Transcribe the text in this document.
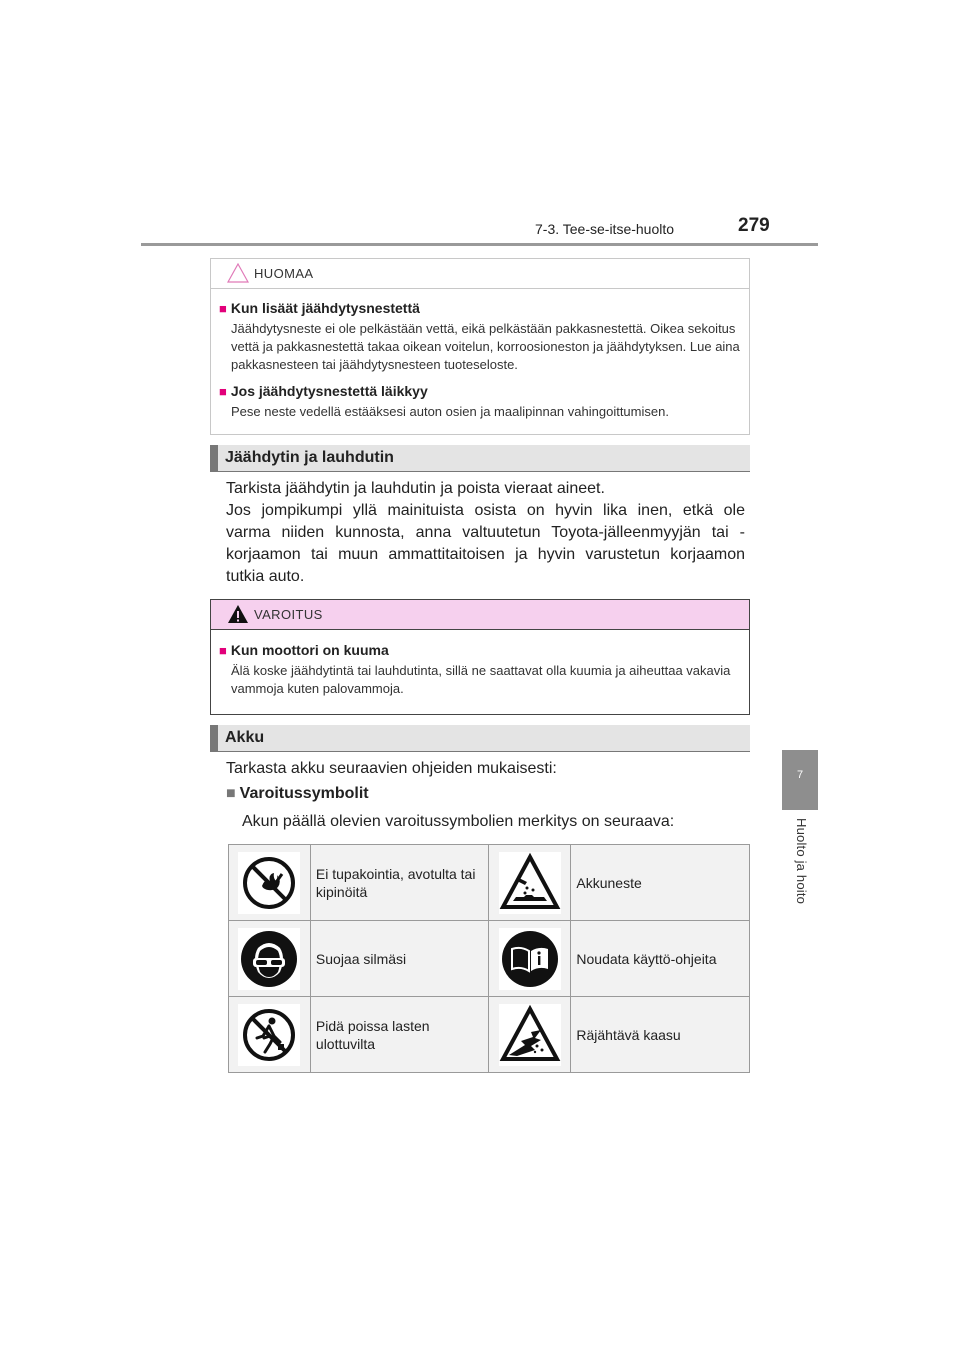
7-3. Tee-se-itse-huolto	279
7
Huolto ja hoito
HUOMAA
■ Kun lisäät jäähdytysnestettä
Jäähdytysneste ei ole pelkästään vettä, eikä pelkästään pakkasnestettä. Oikea sekoitus vettä ja pakkasnestettä takaa oikean voitelun, korroosioneston ja jäähdytyksen. Lue aina pakkasnesteen tai jäähdytysnesteen tuoteseloste.
■ Jos jäähdytysnestettä läikkyy
Pese neste vedellä estääksesi auton osien ja maalipinnan vahingoittumisen.
Jäähdytin ja lauhdutin
Tarkista jäähdytin ja lauhdutin ja poista vieraat aineet.
Jos jompikumpi yllä mainituista osista on hyvin lika inen, etkä ole
varma niiden kunnosta, anna valtuutetun Toyota-jälleenmyyjän tai -
korjaamon tai muun ammattitaitoisen ja hyvin varustetun korjaamon
tutkia auto.
VAROITUS
■ Kun moottori on kuuma
Älä koske jäähdytintä tai lauhdutinta, sillä ne saattavat olla kuumia ja aiheuttaa vakavia vammoja kuten palovammoja.
Akku
Tarkasta akku seuraavien ohjeiden mukaisesti:
■ Varoitussymbolit
Akun päällä olevien varoitussymbolien merkitys on seuraava:
	Ei tupakointia, avotulta tai kipinöitä		Akkuneste

	Suojaa silmäsi		Noudata käyttö-ohjeita

	Pidä poissa lasten ulottuvilta		Räjähtävä kaasu
